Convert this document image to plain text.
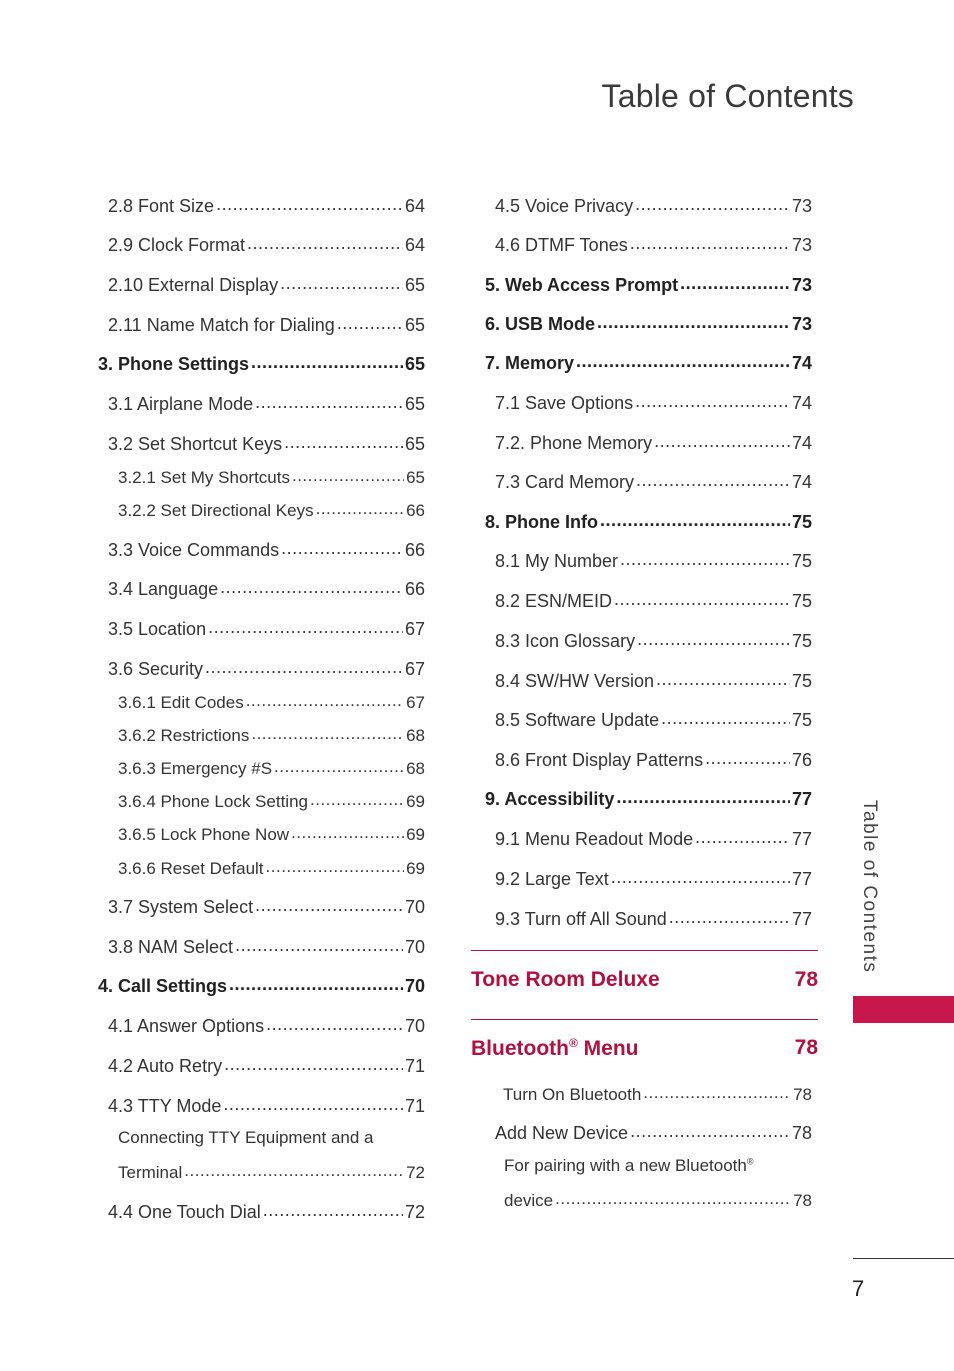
Table of Contents
2.8 Font Size .....	64
2.9 Clock Format .....	64
2.10 External Display .....	65
2.11 Name Match for Dialing .....	65
3. Phone Settings .....	65
3.1 Airplane Mode .....	65
3.2 Set Shortcut Keys .....	65
3.2.1 Set My Shortcuts .....	65
3.2.2 Set Directional Keys .....	66
3.3 Voice Commands .....	66
3.4 Language .....	66
3.5 Location .....	67
3.6 Security .....	67
3.6.1 Edit Codes .....	67
3.6.2 Restrictions .....	68
3.6.3 Emergency #S .....	68
3.6.4 Phone Lock Setting .....	69
3.6.5 Lock Phone Now .....	69
3.6.6 Reset Default .....	69
3.7 System Select .....	70
3.8 NAM Select .....	70
4. Call Settings .....	70
4.1 Answer Options .....	70
4.2 Auto Retry .....	71
4.3 TTY Mode .....	71
Connecting TTY Equipment and a
Terminal .....	72
4.4 One Touch Dial .....	72
4.5 Voice Privacy .....	73
4.6 DTMF Tones .....	73
5. Web Access Prompt .....	73
6. USB Mode .....	73
7. Memory .....	74
7.1 Save Options .....	74
7.2. Phone Memory .....	74
7.3 Card Memory .....	74
8. Phone Info .....	75
8.1 My Number .....	75
8.2 ESN/MEID .....	75
8.3 Icon Glossary .....	75
8.4 SW/HW Version .....	75
8.5 Software Update .....	75
8.6 Front Display Patterns .....	76
9. Accessibility .....	77
9.1 Menu Readout Mode .....	77
9.2 Large Text .....	77
9.3 Turn off All Sound .....	77
Tone Room Deluxe	78
Bluetooth® Menu	78
Turn On Bluetooth .....	78
Add New Device .....	78
For pairing with a new Bluetooth®
device .....	78
Table of Contents
7
